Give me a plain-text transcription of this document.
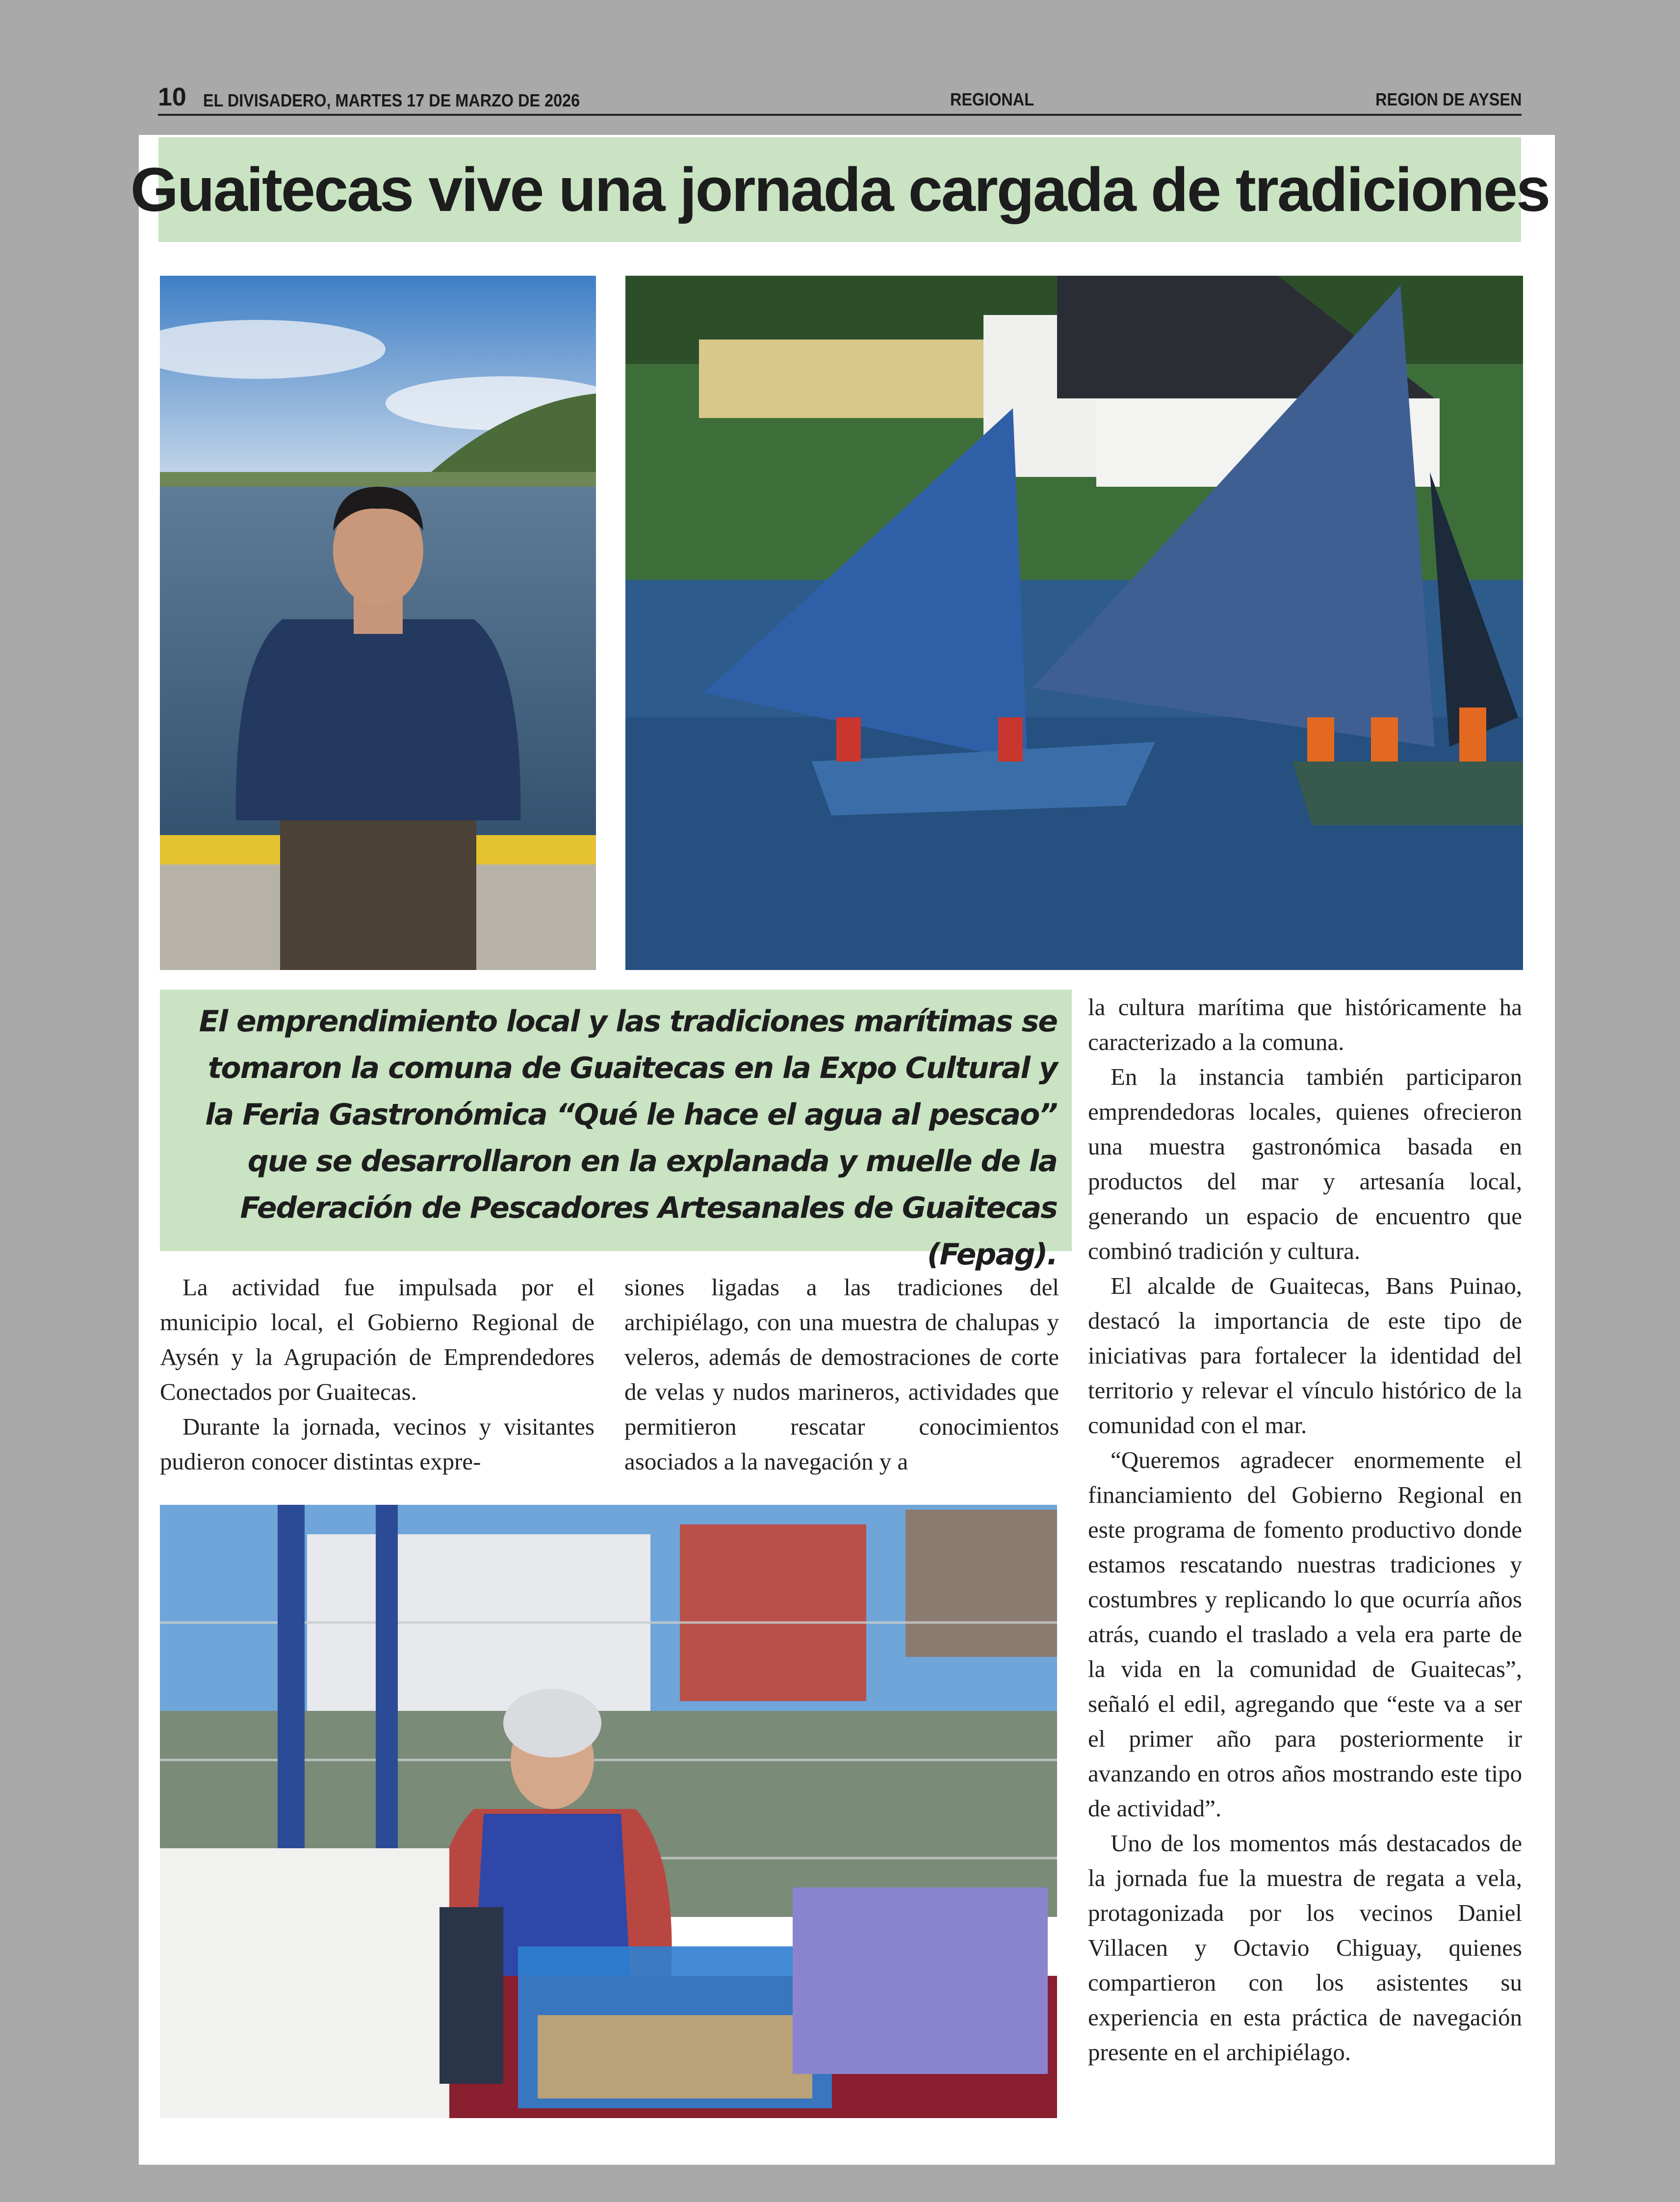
10 EL DIVISADERO, MARTES 17 DE MARZO DE 2026	REGIONAL	REGION DE AYSEN
Guaitecas vive una jornada cargada de tradiciones
El emprendimiento local y las tradiciones marítimas se tomaron la comuna de Guaitecas en la Expo Cultural y la Feria Gastronómica “Qué le hace el agua al pescao” que se desarrollaron en la explanada y muelle de la Federación de Pescadores Artesanales de Guaitecas (Fepag).

La actividad fue impulsada por el municipio local, el Gobierno Regional de Aysén y la Agrupación de Emprendedores Conectados por Guaitecas.

Durante la jornada, vecinos y visitantes pudieron conocer distintas expre-

siones ligadas a las tradiciones del archipiélago, con una muestra de chalupas y veleros, además de demostraciones de corte de velas y nudos marineros, actividades que permitieron rescatar conocimientos asociados a la navegación y a

la cultura marítima que históricamente ha caracterizado a la comuna.

En la instancia también participaron emprendedoras locales, quienes ofrecieron una muestra gastronómica basada en productos del mar y artesanía local, generando un espacio de encuentro que combinó tradición y cultura.

El alcalde de Guaitecas, Bans Puinao, destacó la importancia de este tipo de iniciativas para fortalecer la identidad del territorio y relevar el vínculo histórico de la comunidad con el mar.

“Queremos agradecer enormemente el financiamiento del Gobierno Regional en este programa de fomento productivo donde estamos rescatando nuestras tradiciones y costumbres y replicando lo que ocurría años atrás, cuando el traslado a vela era parte de la vida en la comunidad de Guaitecas”, señaló el edil, agregando que “este va a ser el primer año para posteriormente ir avanzando en otros años mostrando este tipo de actividad”.

Uno de los momentos más destacados de la jornada fue la muestra de regata a vela, protagonizada por los vecinos Daniel Villacen y Octavio Chiguay, quienes compartieron con los asistentes su experiencia en esta práctica de navegación presente en el archipiélago.
